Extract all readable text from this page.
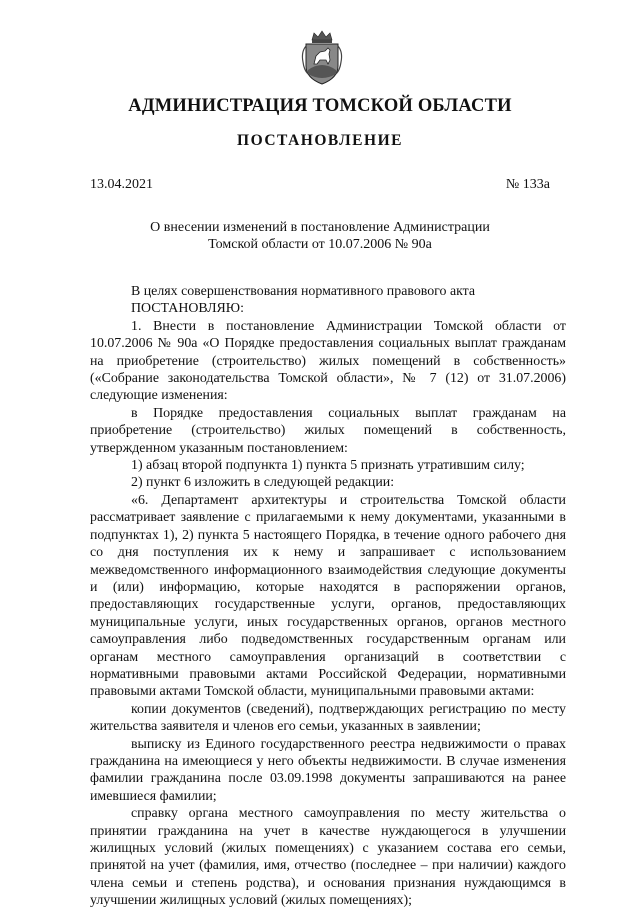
АДМИНИСТРАЦИЯ ТОМСКОЙ ОБЛАСТИ
ПОСТАНОВЛЕНИЕ
13.04.2021	№ 133а
О внесении изменений в постановление Администрации
Томской области от 10.07.2006 № 90а

В целях совершенствования нормативного правового акта

ПОСТАНОВЛЯЮ:

1. Внести в постановление Администрации Томской области от 10.07.2006 № 90а «О Порядке предоставления социальных выплат гражданам на приобретение (строительство) жилых помещений в собственность» («Собрание законодательства Томской области», № 7 (12) от 31.07.2006) следующие изменения:

в Порядке предоставления социальных выплат гражданам на приобретение (строительство) жилых помещений в собственность, утвержденном указанным постановлением:

1) абзац второй подпункта 1) пункта 5 признать утратившим силу;

2) пункт 6 изложить в следующей редакции:

«6. Департамент архитектуры и строительства Томской области рассматривает заявление с прилагаемыми к нему документами, указанными в подпунктах 1), 2) пункта 5 настоящего Порядка, в течение одного рабочего дня со дня поступления их к нему и запрашивает с использованием межведомственного информационного взаимодействия следующие документы и (или) информацию, которые находятся в распоряжении органов, предоставляющих государственные услуги, органов, предоставляющих муниципальные услуги, иных государственных органов, органов местного самоуправления либо подведомственных государственным органам или органам местного самоуправления организаций в соответствии с нормативными правовыми актами Российской Федерации, нормативными правовыми актами Томской области, муниципальными правовыми актами:

копии документов (сведений), подтверждающих регистрацию по месту жительства заявителя и членов его семьи, указанных в заявлении;

выписку из Единого государственного реестра недвижимости о правах гражданина на имеющиеся у него объекты недвижимости. В случае изменения фамилии гражданина после 03.09.1998 документы запрашиваются на ранее имевшиеся фамилии;

справку органа местного самоуправления по месту жительства о принятии гражданина на учет в качестве нуждающегося в улучшении жилищных условий (жилых помещениях) с указанием состава его семьи, принятой на учет (фамилия, имя, отчество (последнее – при наличии) каждого члена семьи и степень родства), и основания признания нуждающимся в улучшении жилищных условий (жилых помещениях);
